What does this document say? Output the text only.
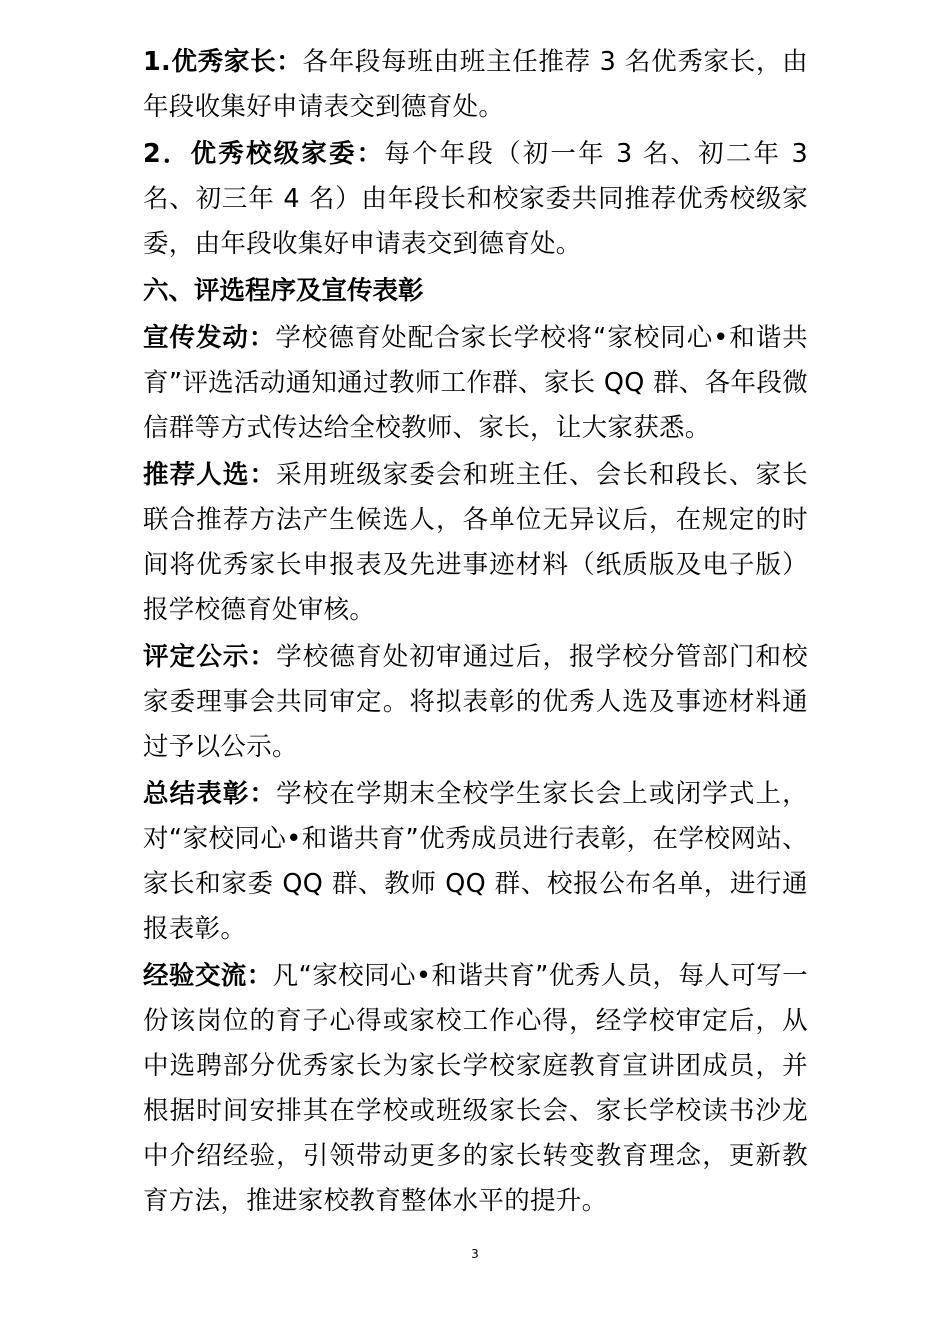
1.优秀家长：各年段每班由班主任推荐 3 名优秀家长，由年段收集好申请表交到德育处。

2．优秀校级家委：每个年段（初一年 3 名、初二年 3 名、初三年 4 名）由年段长和校家委共同推荐优秀校级家委，由年段收集好申请表交到德育处。

六、评选程序及宣传表彰

宣传发动：学校德育处配合家长学校将“家校同心•和谐共育”评选活动通知通过教师工作群、家长 QQ 群、各年段微信群等方式传达给全校教师、家长，让大家获悉。

推荐人选：采用班级家委会和班主任、会长和段长、家长联合推荐方法产生候选人，各单位无异议后，在规定的时间将优秀家长申报表及先进事迹材料（纸质版及电子版）报学校德育处审核。

评定公示：学校德育处初审通过后，报学校分管部门和校家委理事会共同审定。将拟表彰的优秀人选及事迹材料通过予以公示。

总结表彰：学校在学期末全校学生家长会上或闭学式上，对“家校同心•和谐共育”优秀成员进行表彰，在学校网站、家长和家委 QQ 群、教师 QQ 群、校报公布名单，进行通报表彰。

经验交流：凡“家校同心•和谐共育”优秀人员，每人可写一份该岗位的育子心得或家校工作心得，经学校审定后，从中选聘部分优秀家长为家长学校家庭教育宣讲团成员，并根据时间安排其在学校或班级家长会、家长学校读书沙龙中介绍经验，引领带动更多的家长转变教育理念，更新教育方法，推进家校教育整体水平的提升。

3
